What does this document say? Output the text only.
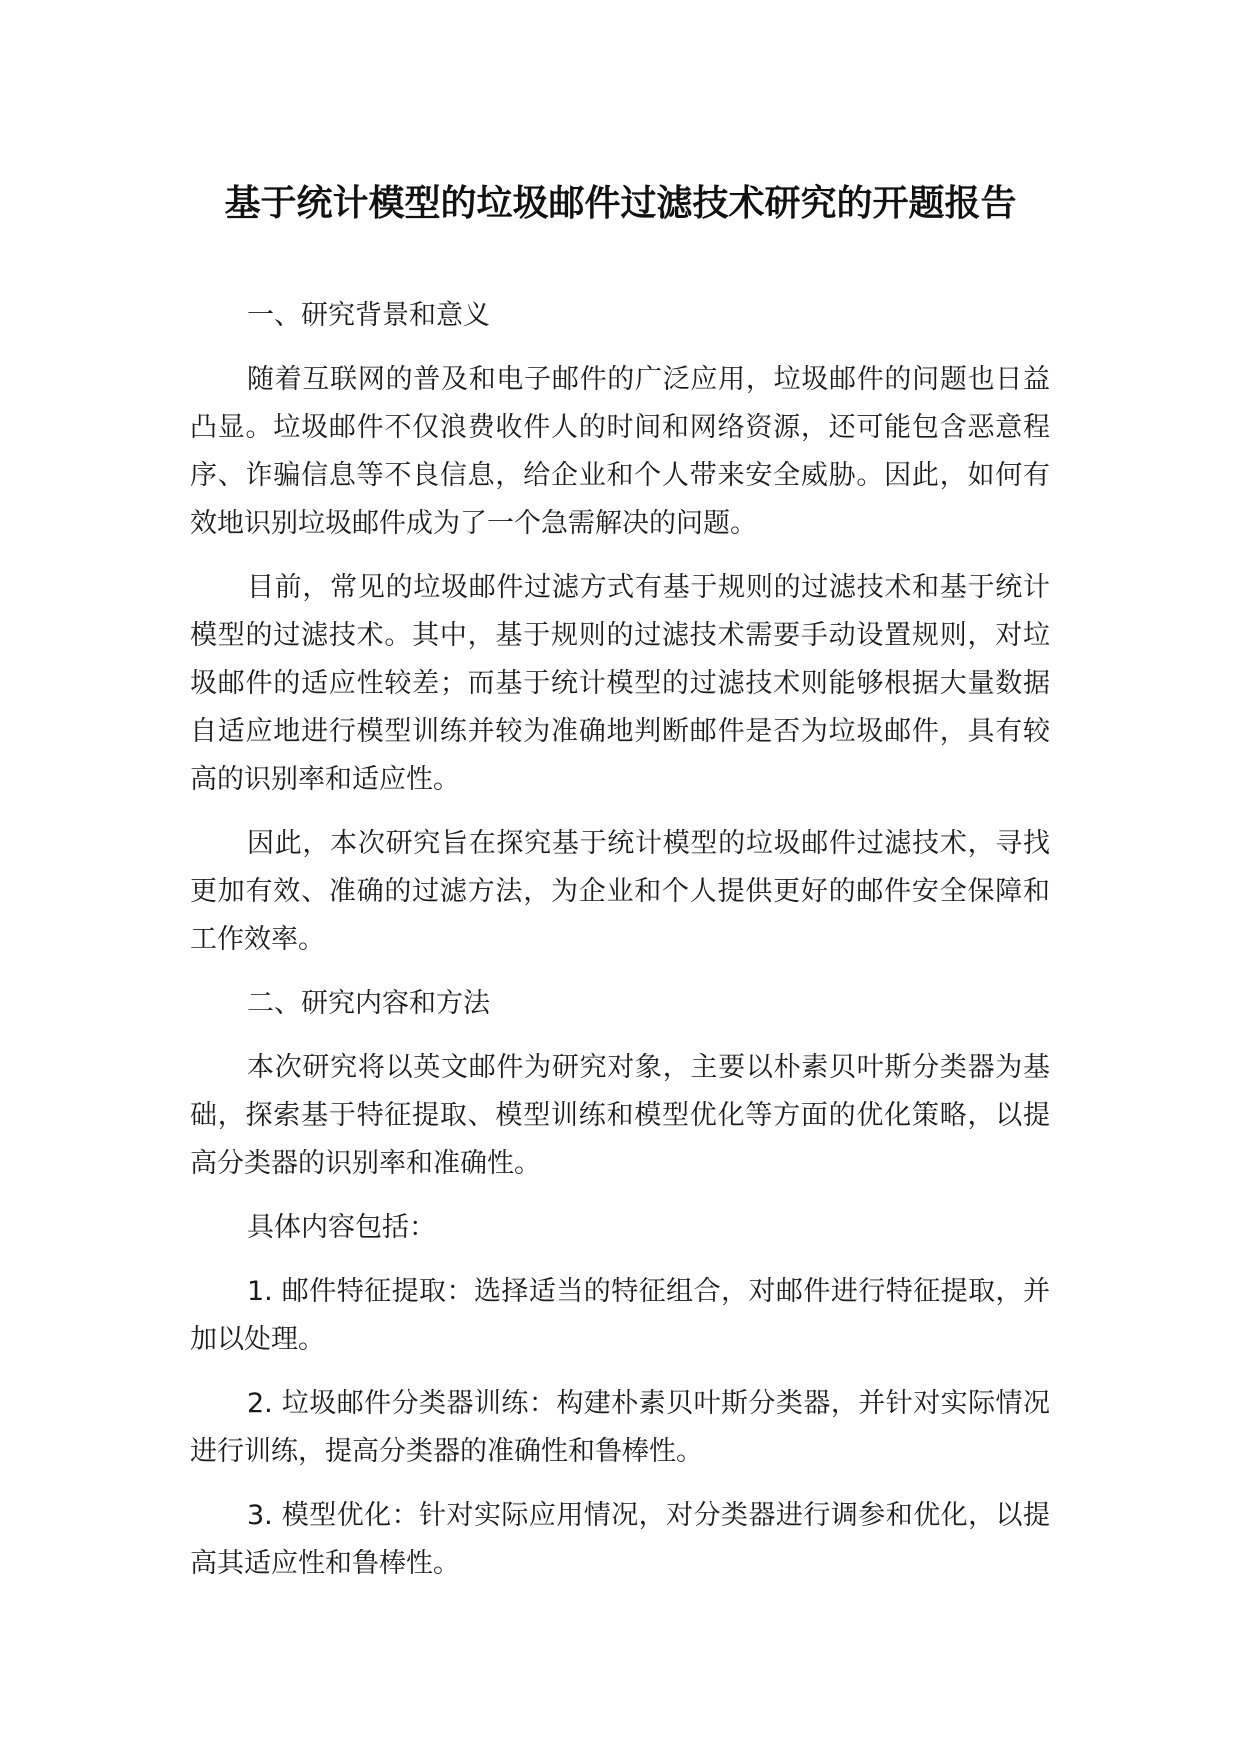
基于统计模型的垃圾邮件过滤技术研究的开题报告

一、研究背景和意义

随着互联网的普及和电子邮件的广泛应用，垃圾邮件的问题也日益凸显。垃圾邮件不仅浪费收件人的时间和网络资源，还可能包含恶意程序、诈骗信息等不良信息，给企业和个人带来安全威胁。因此，如何有效地识别垃圾邮件成为了一个急需解决的问题。

目前，常见的垃圾邮件过滤方式有基于规则的过滤技术和基于统计模型的过滤技术。其中，基于规则的过滤技术需要手动设置规则，对垃圾邮件的适应性较差；而基于统计模型的过滤技术则能够根据大量数据自适应地进行模型训练并较为准确地判断邮件是否为垃圾邮件，具有较高的识别率和适应性。

因此，本次研究旨在探究基于统计模型的垃圾邮件过滤技术，寻找更加有效、准确的过滤方法，为企业和个人提供更好的邮件安全保障和工作效率。

二、研究内容和方法

本次研究将以英文邮件为研究对象，主要以朴素贝叶斯分类器为基础，探索基于特征提取、模型训练和模型优化等方面的优化策略，以提高分类器的识别率和准确性。

具体内容包括：

1. 邮件特征提取：选择适当的特征组合，对邮件进行特征提取，并加以处理。

2. 垃圾邮件分类器训练：构建朴素贝叶斯分类器，并针对实际情况进行训练，提高分类器的准确性和鲁棒性。

3. 模型优化：针对实际应用情况，对分类器进行调参和优化，以提高其适应性和鲁棒性。
